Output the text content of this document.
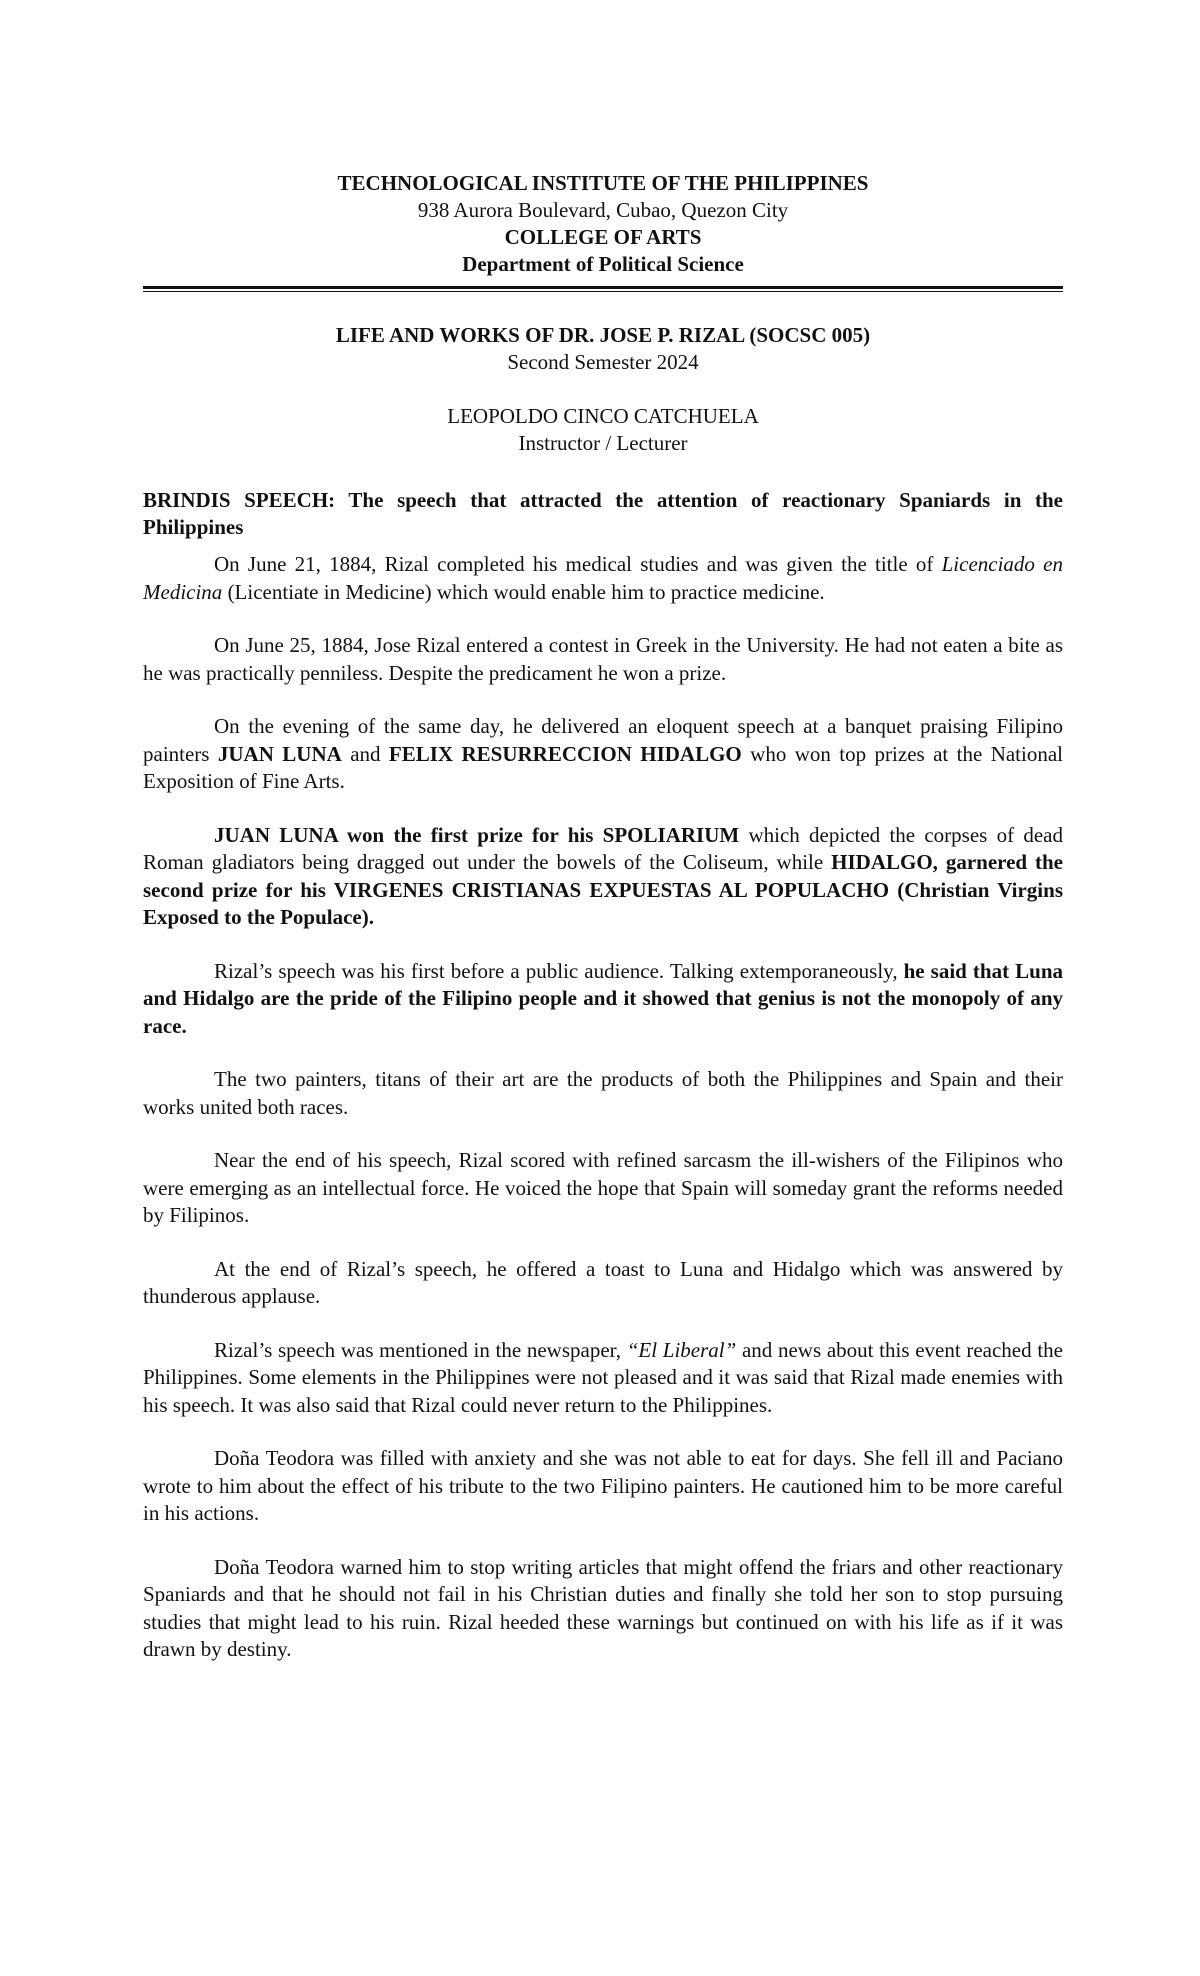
TECHNOLOGICAL INSTITUTE OF THE PHILIPPINES
938 Aurora Boulevard, Cubao, Quezon City
COLLEGE OF ARTS
Department of Political Science
LIFE AND WORKS OF DR. JOSE P. RIZAL (SOCSC 005)
Second Semester 2024
LEOPOLDO CINCO CATCHUELA
Instructor / Lecturer
BRINDIS SPEECH: The speech that attracted the attention of reactionary Spaniards in the Philippines

On June 21, 1884, Rizal completed his medical studies and was given the title of Licenciado en Medicina (Licentiate in Medicine) which would enable him to practice medicine.

On June 25, 1884, Jose Rizal entered a contest in Greek in the University. He had not eaten a bite as he was practically penniless. Despite the predicament he won a prize.

On the evening of the same day, he delivered an eloquent speech at a banquet praising Filipino painters JUAN LUNA and FELIX RESURRECCION HIDALGO who won top prizes at the National Exposition of Fine Arts.

JUAN LUNA won the first prize for his SPOLIARIUM which depicted the corpses of dead Roman gladiators being dragged out under the bowels of the Coliseum, while HIDALGO, garnered the second prize for his VIRGENES CRISTIANAS EXPUESTAS AL POPULACHO (Christian Virgins Exposed to the Populace).

Rizal’s speech was his first before a public audience. Talking extemporaneously, he said that Luna and Hidalgo are the pride of the Filipino people and it showed that genius is not the monopoly of any race.

The two painters, titans of their art are the products of both the Philippines and Spain and their works united both races.

Near the end of his speech, Rizal scored with refined sarcasm the ill-wishers of the Filipinos who were emerging as an intellectual force. He voiced the hope that Spain will someday grant the reforms needed by Filipinos.

At the end of Rizal’s speech, he offered a toast to Luna and Hidalgo which was answered by thunderous applause.

Rizal’s speech was mentioned in the newspaper, “El Liberal” and news about this event reached the Philippines. Some elements in the Philippines were not pleased and it was said that Rizal made enemies with his speech. It was also said that Rizal could never return to the Philippines.

Doña Teodora was filled with anxiety and she was not able to eat for days. She fell ill and Paciano wrote to him about the effect of his tribute to the two Filipino painters. He cautioned him to be more careful in his actions.

Doña Teodora warned him to stop writing articles that might offend the friars and other reactionary Spaniards and that he should not fail in his Christian duties and finally she told her son to stop pursuing studies that might lead to his ruin. Rizal heeded these warnings but continued on with his life as if it was drawn by destiny.
